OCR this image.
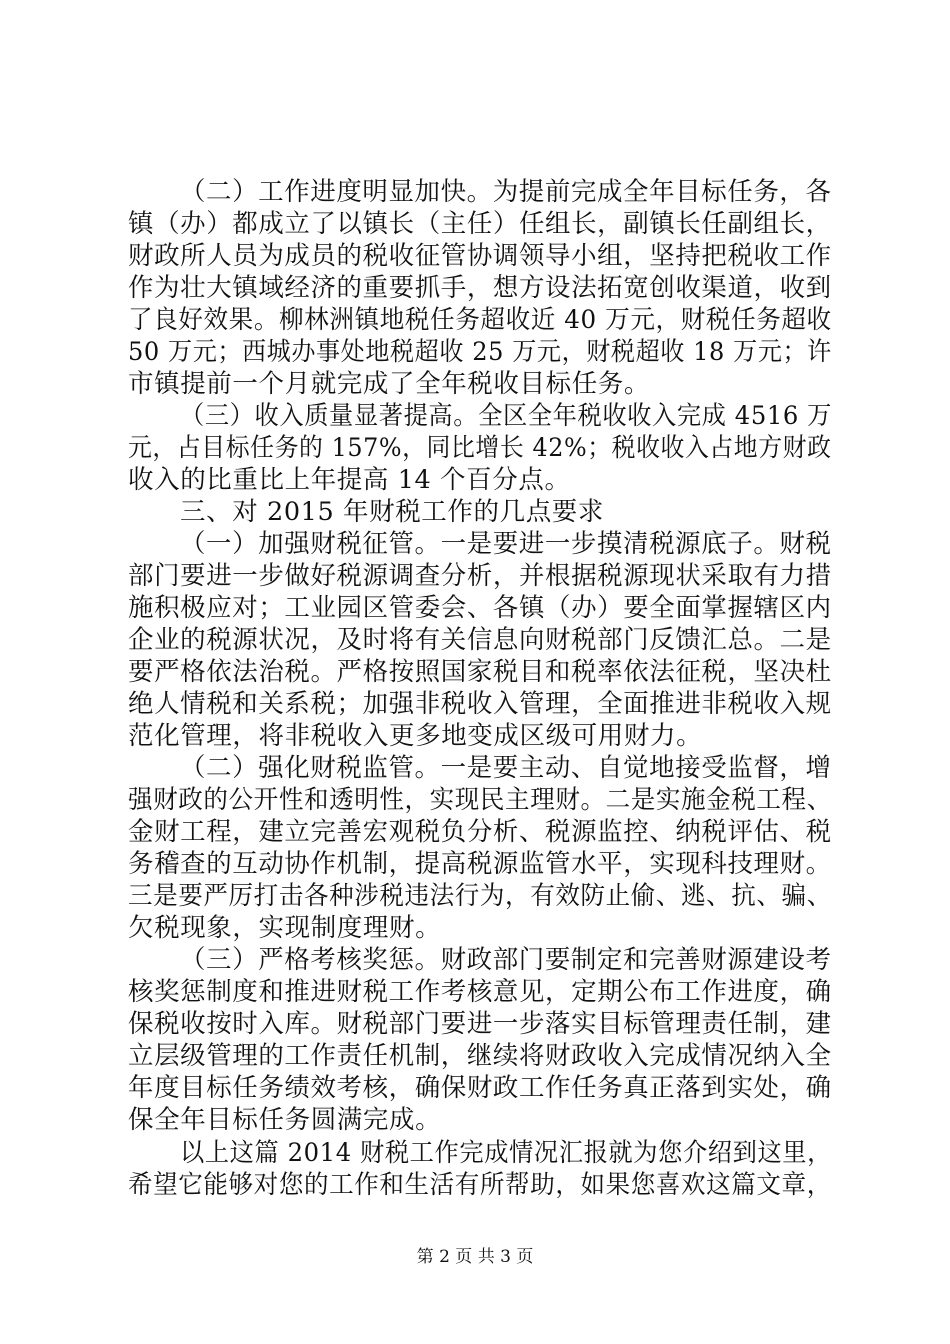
（二）工作进度明显加快。为提前完成全年目标任务，各
镇（办）都成立了以镇长（主任）任组长，副镇长任副组长，
财政所人员为成员的税收征管协调领导小组，坚持把税收工作
作为壮大镇域经济的重要抓手，想方设法拓宽创收渠道，收到
了良好效果。柳林洲镇地税任务超收近 40 万元，财税任务超收
50 万元；西城办事处地税超收 25 万元，财税超收 18 万元；许
市镇提前一个月就完成了全年税收目标任务。
（三）收入质量显著提高。全区全年税收收入完成 4516 万
元，占目标任务的 157%，同比增长 42%；税收收入占地方财政
收入的比重比上年提高 14 个百分点。
三、对 2015 年财税工作的几点要求
（一）加强财税征管。一是要进一步摸清税源底子。财税
部门要进一步做好税源调查分析，并根据税源现状采取有力措
施积极应对；工业园区管委会、各镇（办）要全面掌握辖区内
企业的税源状况，及时将有关信息向财税部门反馈汇总。二是
要严格依法治税。严格按照国家税目和税率依法征税，坚决杜
绝人情税和关系税；加强非税收入管理，全面推进非税收入规
范化管理，将非税收入更多地变成区级可用财力。
（二）强化财税监管。一是要主动、自觉地接受监督，增
强财政的公开性和透明性，实现民主理财。二是实施金税工程、
金财工程，建立完善宏观税负分析、税源监控、纳税评估、税
务稽查的互动协作机制，提高税源监管水平，实现科技理财。
三是要严厉打击各种涉税违法行为，有效防止偷、逃、抗、骗、
欠税现象，实现制度理财。
（三）严格考核奖惩。财政部门要制定和完善财源建设考
核奖惩制度和推进财税工作考核意见，定期公布工作进度，确
保税收按时入库。财税部门要进一步落实目标管理责任制，建
立层级管理的工作责任机制，继续将财政收入完成情况纳入全
年度目标任务绩效考核，确保财政工作任务真正落到实处，确
保全年目标任务圆满完成。
以上这篇 2014 财税工作完成情况汇报就为您介绍到这里，
希望它能够对您的工作和生活有所帮助，如果您喜欢这篇文章，
第 2 页 共 3 页
